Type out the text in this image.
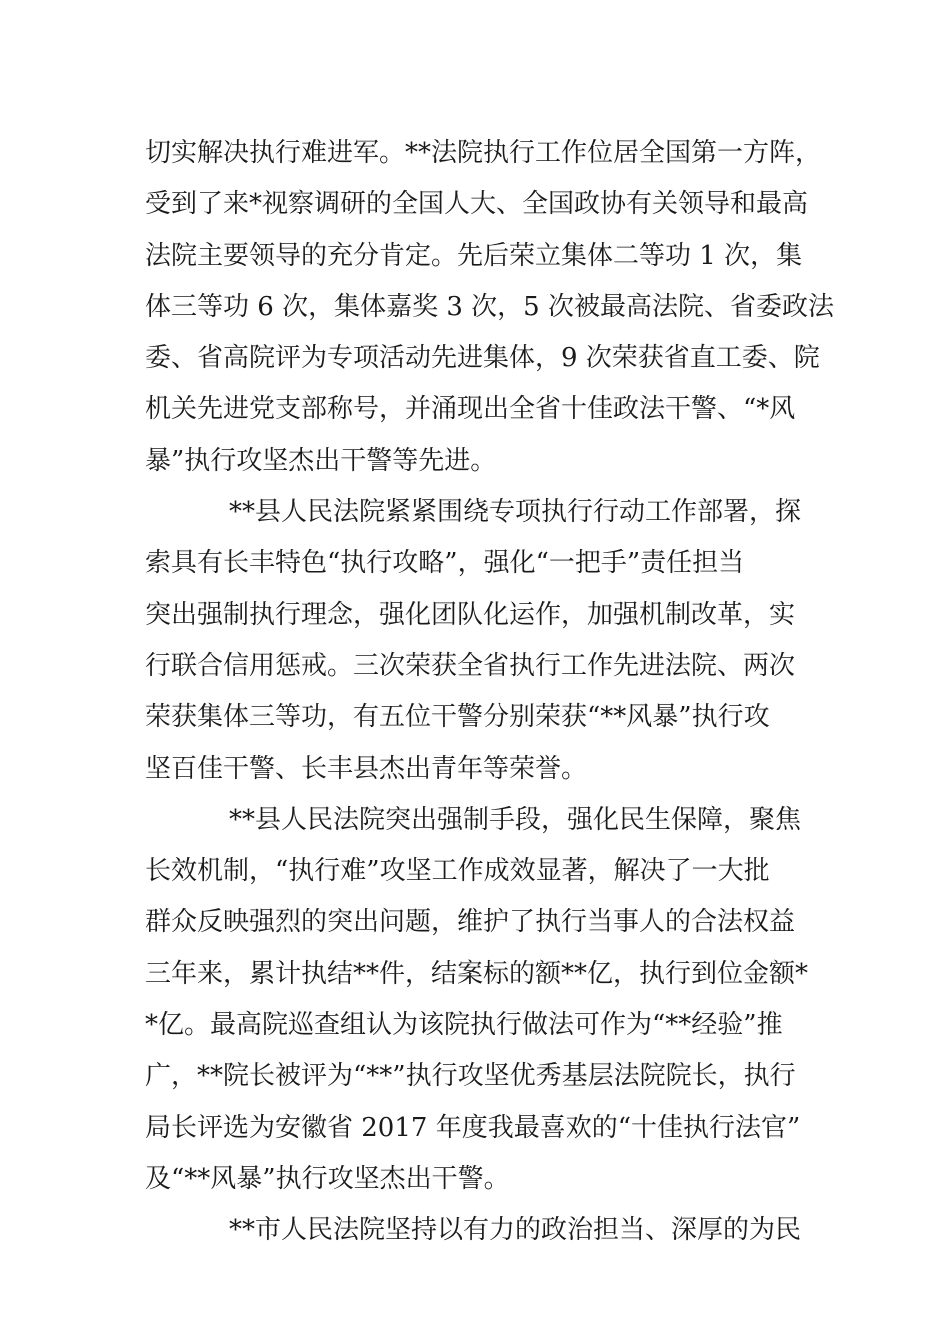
切实解决执行难进军。**法院执行工作位居全国第一方阵，
受到了来*视察调研的全国人大、全国政协有关领导和最高
法院主要领导的充分肯定。先后荣立集体二等功 1 次，集
体三等功 6 次，集体嘉奖 3 次，5 次被最高法院、省委政法
委、省高院评为专项活动先进集体，9 次荣获省直工委、院
机关先进党支部称号，并涌现出全省十佳政法干警、“*风
暴”执行攻坚杰出干警等先进。
**县人民法院紧紧围绕专项执行行动工作部署，探
索具有长丰特色“执行攻略”，强化“一把手”责任担当
突出强制执行理念，强化团队化运作，加强机制改革，实
行联合信用惩戒。三次荣获全省执行工作先进法院、两次
荣获集体三等功，有五位干警分别荣获“**风暴”执行攻
坚百佳干警、长丰县杰出青年等荣誉。
**县人民法院突出强制手段，强化民生保障，聚焦
长效机制，“执行难”攻坚工作成效显著，解决了一大批
群众反映强烈的突出问题，维护了执行当事人的合法权益
三年来，累计执结**件，结案标的额**亿，执行到位金额*
*亿。最高院巡查组认为该院执行做法可作为“**经验”推
广，**院长被评为“**”执行攻坚优秀基层法院院长，执行
局长评选为安徽省 2017 年度我最喜欢的“十佳执行法官”
及“**风暴”执行攻坚杰出干警。
**市人民法院坚持以有力的政治担当、深厚的为民
